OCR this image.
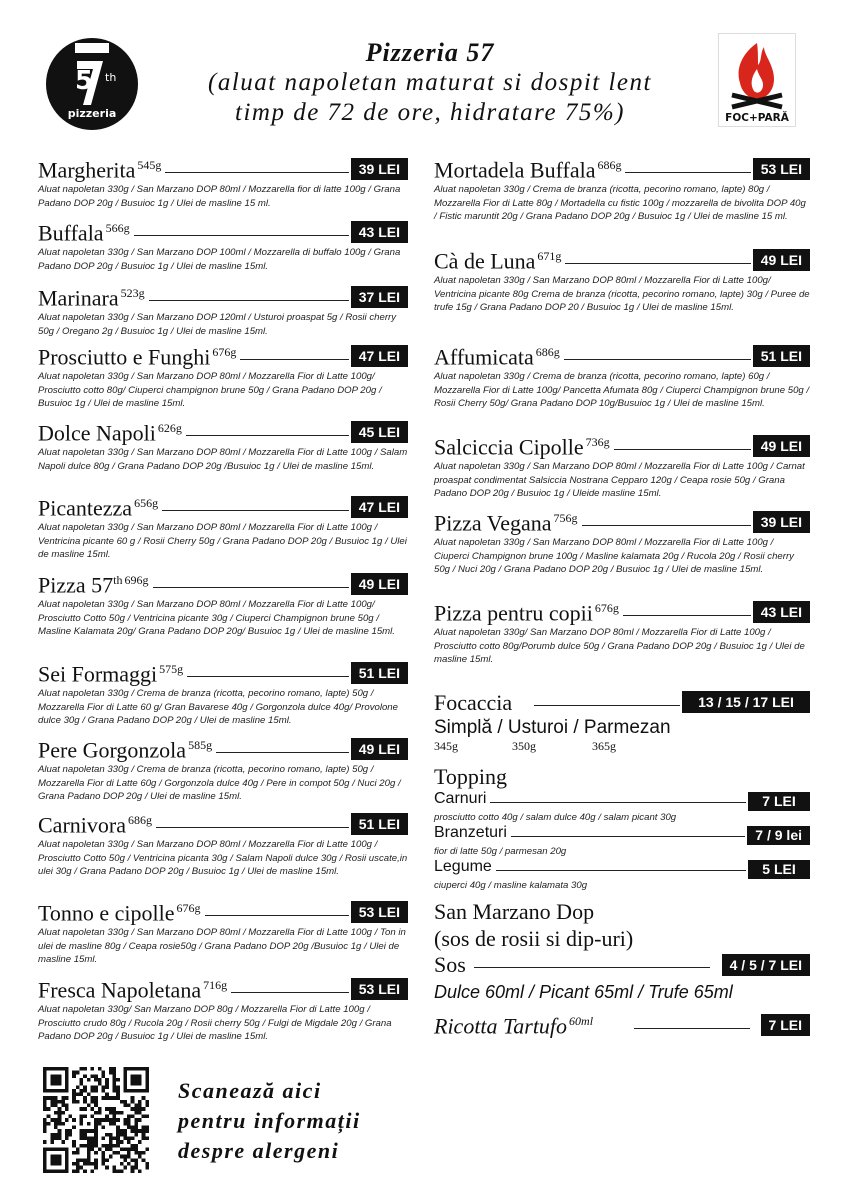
Pizzeria 57
(aluat napoletan maturat si dospit lent
timp de 72 de ore, hidratare 75%)
5 th
pizzeria	FOC+PARĂ
Margherita $^{545g}$	39 LEI
Aluat napoletan 330g / San Marzano DOP 80ml / Mozzarella fior di latte 100g / Grana Padano DOP 20g / Busuioc 1g / Ulei de masline 15 ml.
Buffala $^{566g}$	43 LEI
Aluat napoletan 330g / San Marzano DOP 100ml / Mozzarella di buffalo 100g / Grana Padano DOP 20g / Busuioc 1g / Ulei de masline 15ml.
Marinara $^{523g}$	37 LEI
Aluat napoletan 330g / San Marzano DOP 120ml / Usturoi proaspat 5g / Rosii cherry 50g / Oregano 2g / Busuioc 1g / Ulei de masline 15ml.
Prosciutto e Funghi $^{676g}$	47 LEI
Aluat napoletan 330g / San Marzano DOP 80ml / Mozzarella Fior di Latte 100g/ Prosciutto cotto 80g/ Ciuperci champignon brune 50g / Grana Padano DOP 20g / Busuioc 1g / Ulei de masline 15ml.
Dolce Napoli $^{626g}$	45 LEI
Aluat napoletan 330g / San Marzano DOP 80ml / Mozzarella Fior di Latte 100g / Salam Napoli dulce 80g / Grana Padano DOP 20g /Busuioc 1g / Ulei de masline 15ml.
Picantezza $^{656g}$	47 LEI
Aluat napoletan 330g / San Marzano DOP 80ml / Mozzarella Fior di Latte 100g / Ventricina picante 60 g / Rosii Cherry 50g / Grana Padano DOP 20g / Busuioc 1g / Ulei de masline 15ml.
Pizza 57th $^{696g}$	49 LEI
Aluat napoletan 330g / San Marzano DOP 80ml / Mozzarella Fior di Latte 100g/ Prosciutto Cotto 50g / Ventricina picante 30g / Ciuperci Champignon brune 50g / Masline Kalamata 20g/ Grana Padano DOP 20g/ Busuioc 1g / Ulei de masline 15ml.
Sei Formaggi $^{575g}$	51 LEI
Aluat napoletan 330g / Crema de branza (ricotta, pecorino romano, lapte) 50g / Mozzarella Fior di Latte 60 g/ Gran Bavarese 40g / Gorgonzola dulce 40g/ Provolone dulce 30g / Grana Padano DOP 20g / Ulei de masline 15ml.
Pere Gorgonzola $^{585g}$	49 LEI
Aluat napoletan 330g / Crema de branza (ricotta, pecorino romano, lapte) 50g / Mozzarella Fior di Latte 60g / Gorgonzola dulce 40g / Pere in compot 50g / Nuci 20g / Grana Padano DOP 20g / Ulei de masline 15ml.
Carnivora $^{686g}$	51 LEI
Aluat napoletan 330g / San Marzano DOP 80ml / Mozzarella Fior di Latte 100g / Prosciutto Cotto 50g / Ventricina picanta 30g / Salam Napoli dulce 30g / Rosii uscate,in ulei 30g / Grana Padano DOP 20g / Busuioc 1g / Ulei de masline 15ml.
Tonno e cipolle $^{676g}$	53 LEI
Aluat napoletan 330g / San Marzano DOP 80ml / Mozzarella Fior di Latte 100g / Ton in ulei de masline 80g / Ceapa rosie50g / Grana Padano DOP 20g /Busuioc 1g / Ulei de masline 15ml.
Fresca Napoletana $^{716g}$	53 LEI
Aluat napoletan 330g/ San Marzano DOP 80g / Mozzarella Fior di Latte 100g / Prosciutto crudo 80g / Rucola 20g / Rosii cherry 50g / Fulgi de Migdale 20g / Grana Padano DOP 20g / Busuioc 1g / Ulei de masline 15ml.
Mortadela Buffala $^{686g}$	53 LEI
Aluat napoletan 330g / Crema de branza (ricotta, pecorino romano, lapte) 80g / Mozzarella Fior di Latte 80g / Mortadella cu fistic 100g / mozzarella de bivolita DOP 40g / Fistic maruntit 20g / Grana Padano DOP 20g / Busuioc 1g / Ulei de masline 15 ml.
Cà de Luna $^{671g}$	49 LEI
Aluat napoletan 330g / San Marzano DOP 80ml / Mozzarella Fior di Latte 100g/ Ventricina picante 80g Crema de branza (ricotta, pecorino romano, lapte) 30g / Puree de trufe 15g / Grana Padano DOP 20 / Busuioc 1g / Ulei de masline 15ml.
Affumicata $^{686g}$	51 LEI
Aluat napoletan 330g / Crema de branza (ricotta, pecorino romano, lapte) 60g / Mozzarella Fior di Latte 100g/ Pancetta Afumata 80g / Ciuperci Champignon brune 50g / Rosii Cherry 50g/ Grana Padano DOP 10g/Busuioc 1g / Ulei de masline 15ml.
Salciccia Cipolle $^{736g}$	49 LEI
Aluat napoletan 330g / San Marzano DOP 80ml / Mozzarella Fior di Latte 100g / Carnat proaspat condimentat Salsiccia Nostrana Cepparo 120g / Ceapa rosie 50g / Grana Padano DOP 20g / Busuioc 1g / Uleide masline 15ml.
Pizza Vegana $^{756g}$	39 LEI
Aluat napoletan 330g / San Marzano DOP 80ml / Mozzarella Fior di Latte 100g / Ciuperci Champignon brune 100g / Masline kalamata 20g / Rucola 20g / Rosii cherry 50g / Nuci 20g / Grana Padano DOP 20g / Busuioc 1g / Ulei de masline 15ml.
Pizza pentru copii $^{676g}$	43 LEI
Aluat napoletan 330g/ San Marzano DOP 80ml / Mozzarella Fior di Latte 100g / Prosciutto cotto 80g/Porumb dulce 50g / Grana Padano DOP 20g / Busuioc 1g / Ulei de masline 15ml.
Focaccia	13 / 15 / 17 LEI
Simplă / Usturoi / Parmezan
345g	350g	365g
Topping
Carnuri	7 LEI
prosciutto cotto 40g / salam dulce 40g / salam picant 30g
Branzeturi	7 / 9 lei
fior di latte 50g / parmesan 20g
Legume	5 LEI
ciuperci 40g / masline kalamata 30g
San Marzano Dop
(sos de rosii si dip-uri)
Sos	4 / 5 / 7 LEI
Dulce 60ml / Picant 65ml / Trufe 65ml
Ricotta Tartufo $^{60ml}$	7 LEI
Scanează aici
pentru informații
despre alergeni
